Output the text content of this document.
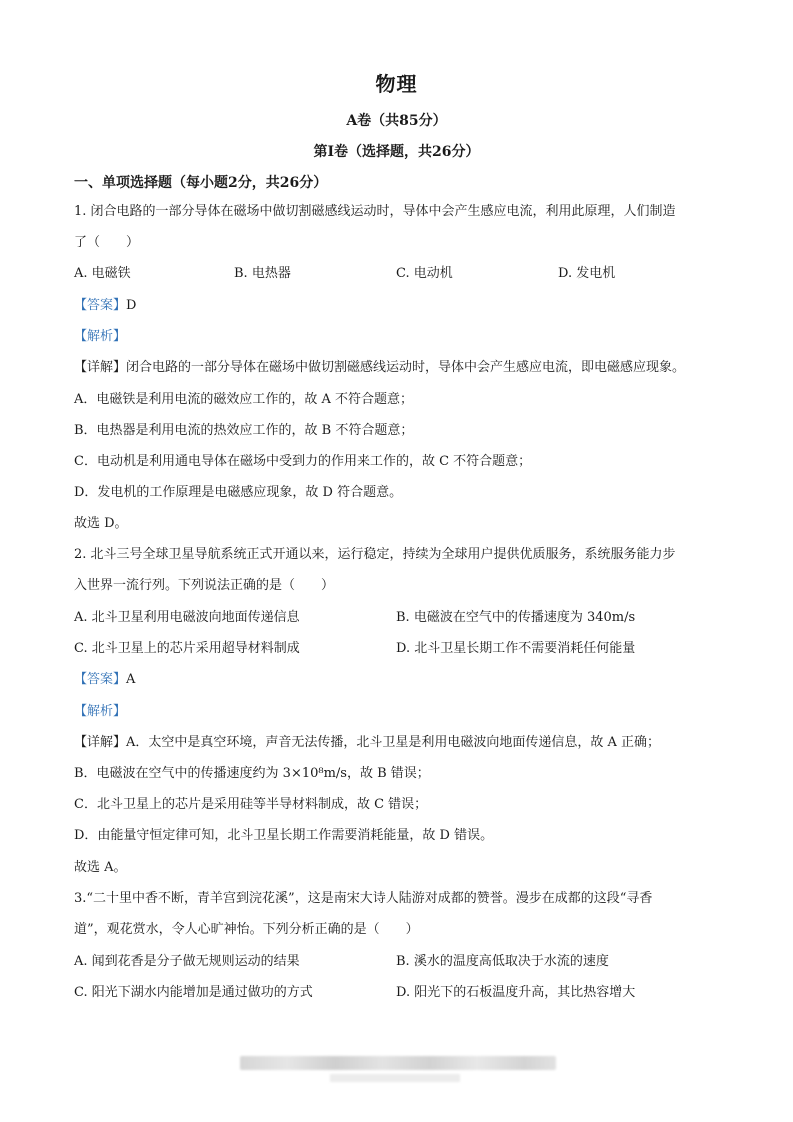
物理
A卷（共85分）
第Ⅰ卷（选择题，共26分）
一、单项选择题（每小题2分，共26分）
1. 闭合电路的一部分导体在磁场中做切割磁感线运动时，导体中会产生感应电流，利用此原理，人们制造
了（　　）
A. 电磁铁	B. 电热器	C. 电动机	D. 发电机
【答案】D
【解析】
【详解】闭合电路的一部分导体在磁场中做切割磁感线运动时，导体中会产生感应电流，即电磁感应现象。
A．电磁铁是利用电流的磁效应工作的，故 A 不符合题意；
B．电热器是利用电流的热效应工作的，故 B 不符合题意；
C．电动机是利用通电导体在磁场中受到力的作用来工作的，故 C 不符合题意；
D．发电机的工作原理是电磁感应现象，故 D 符合题意。
故选 D。
2. 北斗三号全球卫星导航系统正式开通以来，运行稳定，持续为全球用户提供优质服务，系统服务能力步
入世界一流行列。下列说法正确的是（　　）
A. 北斗卫星利用电磁波向地面传递信息	B. 电磁波在空气中的传播速度为 340m/s
C. 北斗卫星上的芯片采用超导材料制成	D. 北斗卫星长期工作不需要消耗任何能量
【答案】A
【解析】
【详解】A．太空中是真空环境，声音无法传播，北斗卫星是利用电磁波向地面传递信息，故 A 正确；
B．电磁波在空气中的传播速度约为 3×10⁸m/s，故 B 错误；
C．北斗卫星上的芯片是采用硅等半导材料制成，故 C 错误；
D．由能量守恒定律可知，北斗卫星长期工作需要消耗能量，故 D 错误。
故选 A。
3.“二十里中香不断，青羊宫到浣花溪”，这是南宋大诗人陆游对成都的赞誉。漫步在成都的这段“寻香
道”，观花赏水，令人心旷神怡。下列分析正确的是（　　）
A. 闻到花香是分子做无规则运动的结果	B. 溪水的温度高低取决于水流的速度
C. 阳光下湖水内能增加是通过做功的方式	D. 阳光下的石板温度升高，其比热容增大
